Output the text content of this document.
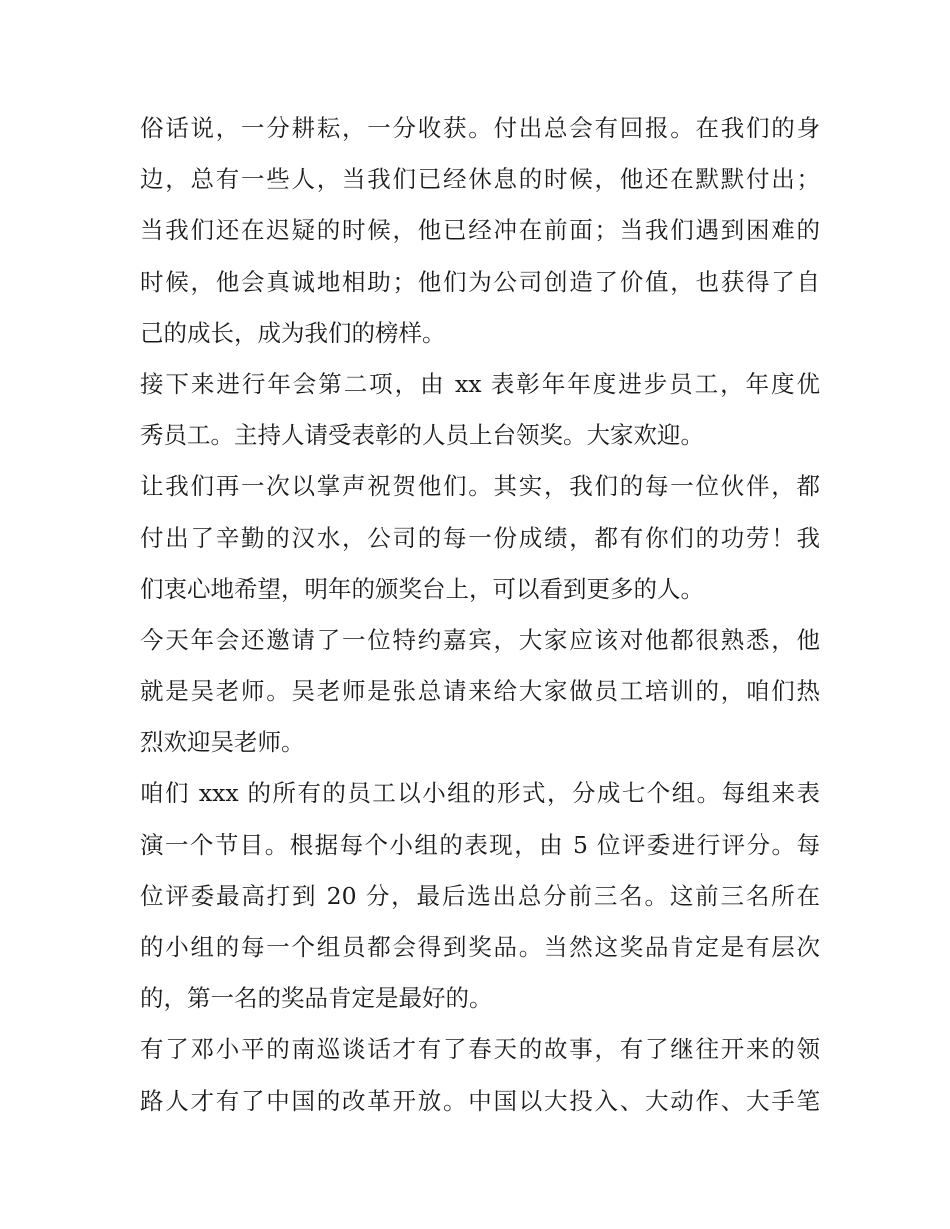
俗话说，一分耕耘，一分收获。付出总会有回报。在我们的身
边，总有一些人，当我们已经休息的时候，他还在默默付出；
当我们还在迟疑的时候，他已经冲在前面；当我们遇到困难的
时候，他会真诚地相助；他们为公司创造了价值，也获得了自
己的成长，成为我们的榜样。
接下来进行年会第二项，由 xx 表彰年年度进步员工，年度优
秀员工。主持人请受表彰的人员上台领奖。大家欢迎。
让我们再一次以掌声祝贺他们。其实，我们的每一位伙伴，都
付出了辛勤的汉水，公司的每一份成绩，都有你们的功劳！我
们衷心地希望，明年的颁奖台上，可以看到更多的人。
今天年会还邀请了一位特约嘉宾，大家应该对他都很熟悉，他
就是吴老师。吴老师是张总请来给大家做员工培训的，咱们热
烈欢迎吴老师。
咱们 xxx 的所有的员工以小组的形式，分成七个组。每组来表
演一个节目。根据每个小组的表现，由 5 位评委进行评分。每
位评委最高打到 20 分，最后选出总分前三名。这前三名所在
的小组的每一个组员都会得到奖品。当然这奖品肯定是有层次
的，第一名的奖品肯定是最好的。
有了邓小平的南巡谈话才有了春天的故事，有了继往开来的领
路人才有了中国的改革开放。中国以大投入、大动作、大手笔
